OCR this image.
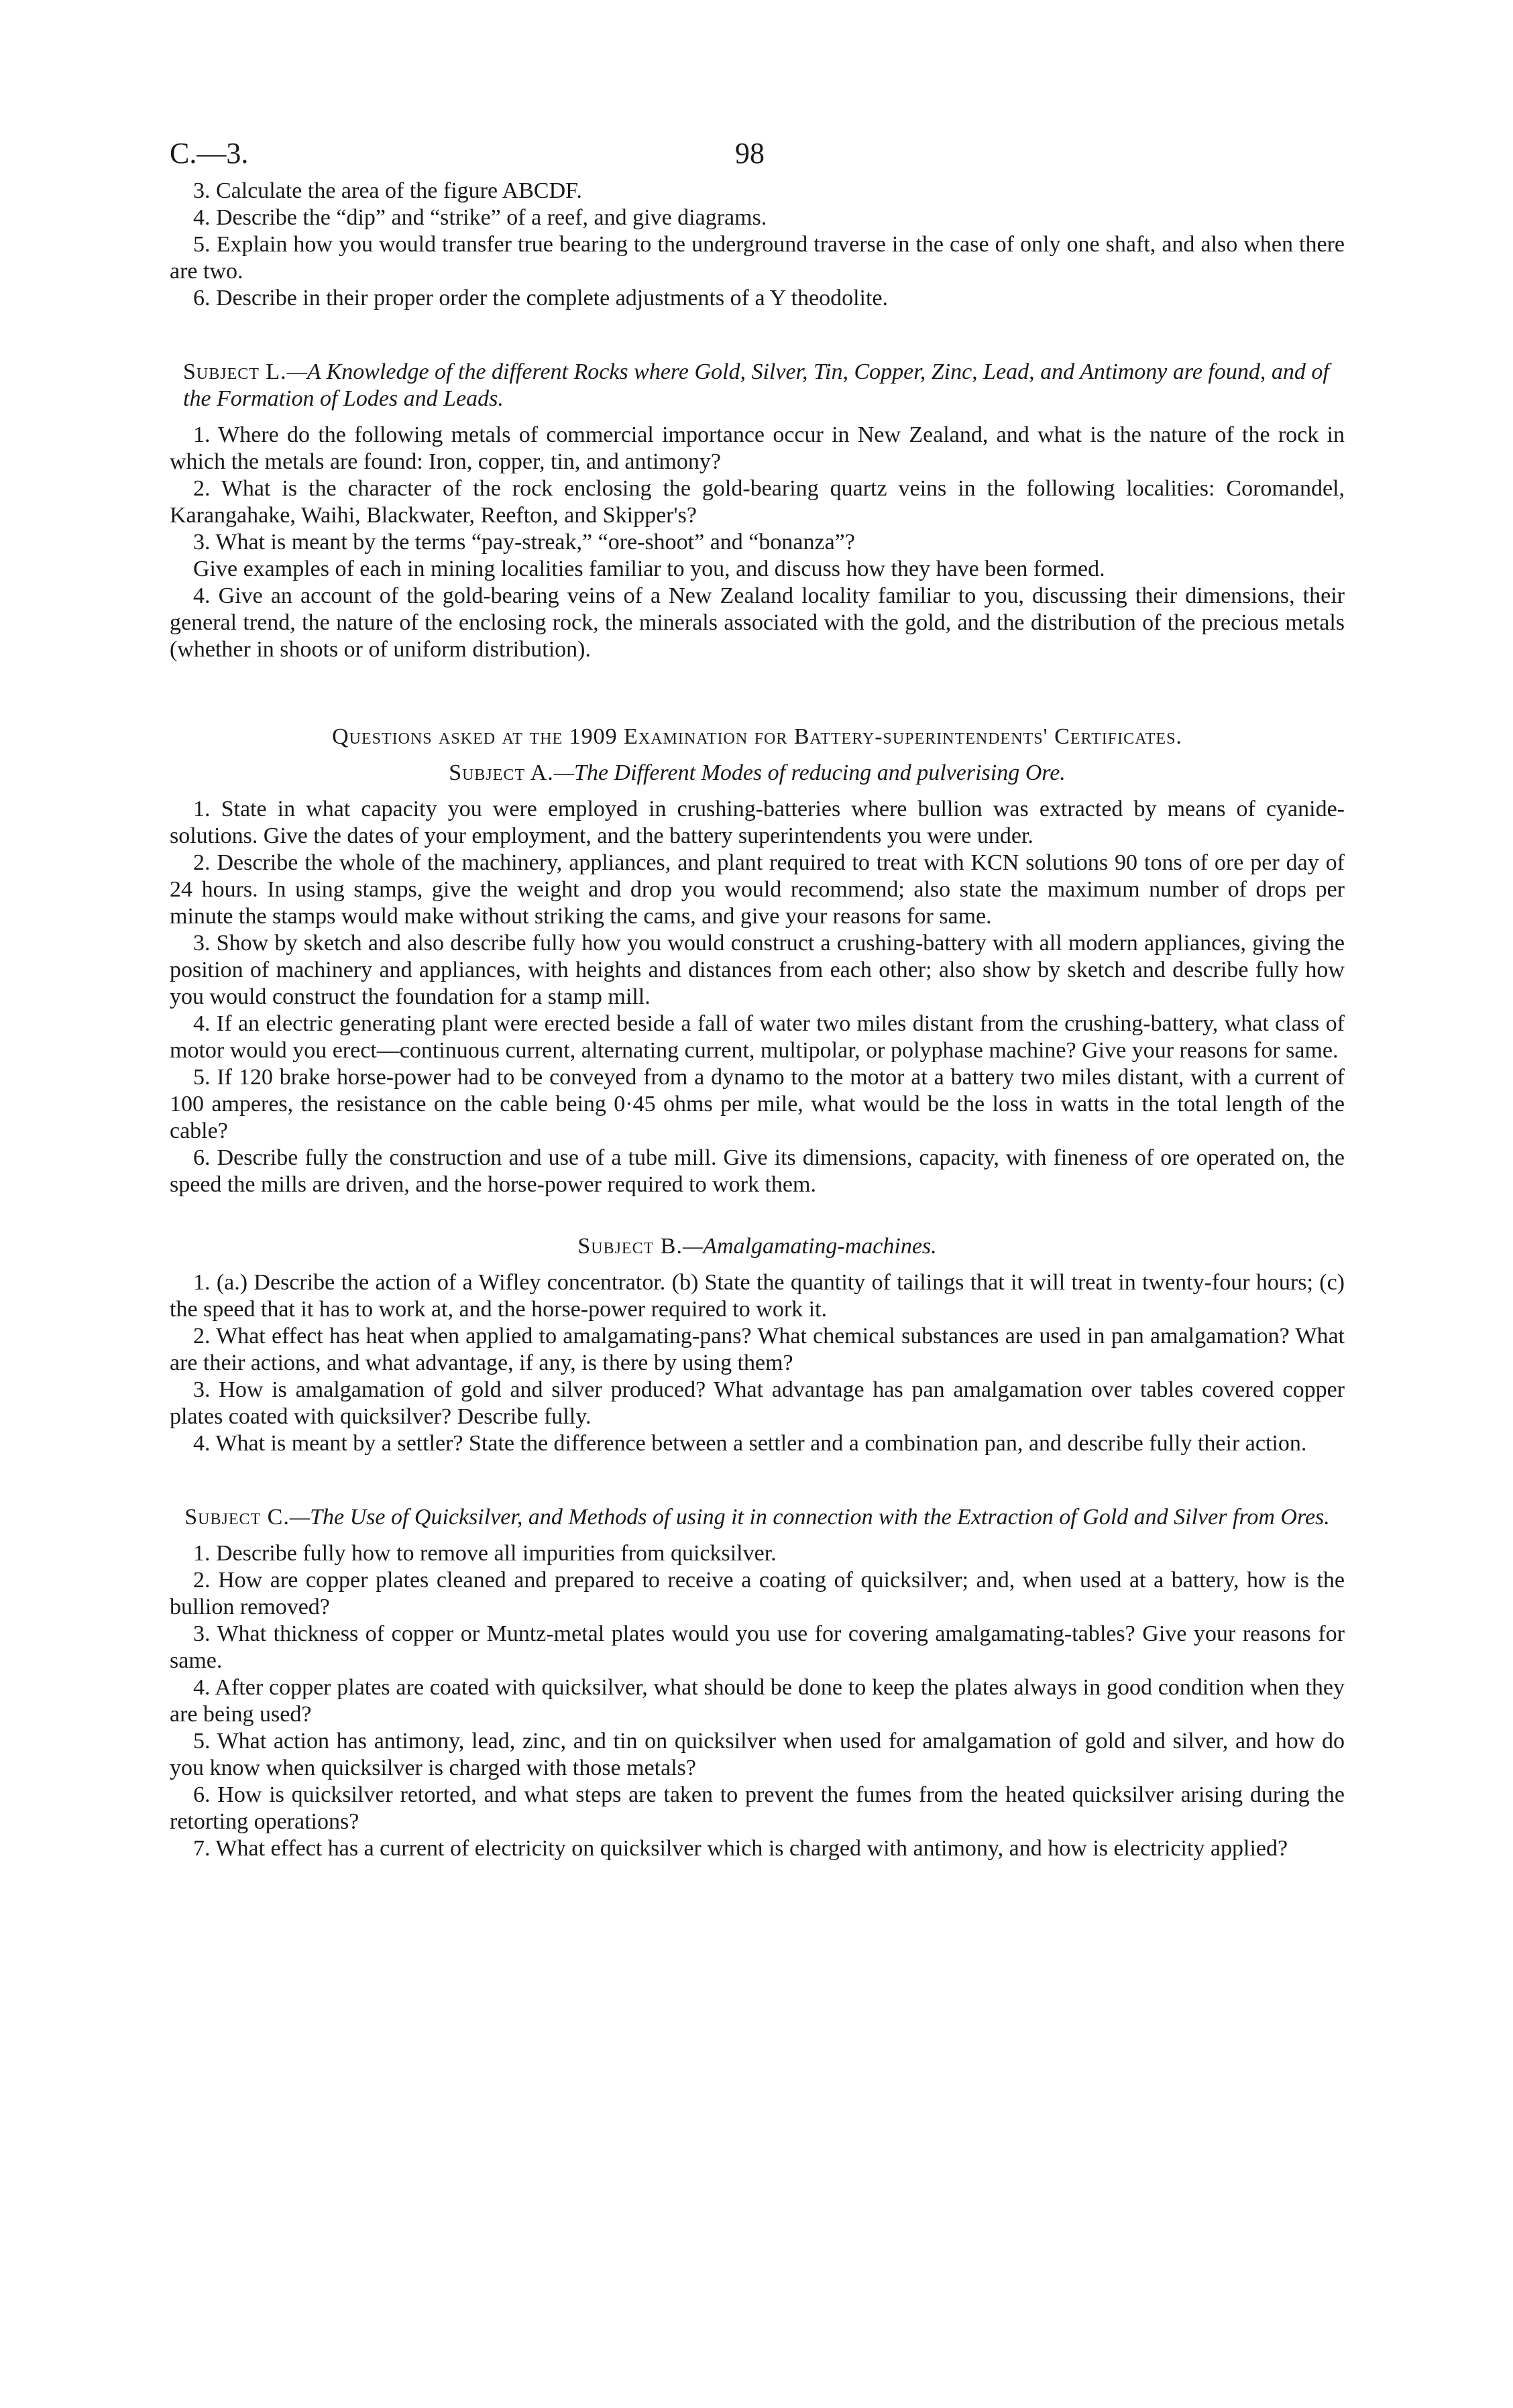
C.—3.	98

3. Calculate the area of the figure ABCDF.

4. Describe the “dip” and “strike” of a reef, and give diagrams.

5. Explain how you would transfer true bearing to the underground traverse in the case of only one shaft, and also when there are two.

6. Describe in their proper order the complete adjustments of a Y theodolite.

Subject L.—A Knowledge of the different Rocks where Gold, Silver, Tin, Copper, Zinc, Lead, and Antimony are found, and of the Formation of Lodes and Leads.

1. Where do the following metals of commercial importance occur in New Zealand, and what is the nature of the rock in which the metals are found: Iron, copper, tin, and antimony?

2. What is the character of the rock enclosing the gold-bearing quartz veins in the following localities: Coromandel, Karangahake, Waihi, Blackwater, Reefton, and Skipper's?

3. What is meant by the terms “pay-streak,” “ore-shoot” and “bonanza”?

Give examples of each in mining localities familiar to you, and discuss how they have been formed.

4. Give an account of the gold-bearing veins of a New Zealand locality familiar to you, discussing their dimensions, their general trend, the nature of the enclosing rock, the minerals associated with the gold, and the distribution of the precious metals (whether in shoots or of uniform distribution).

Questions asked at the 1909 Examination for Battery-superintendents' Certificates.
Subject A.—The Different Modes of reducing and pulverising Ore.

1. State in what capacity you were employed in crushing-batteries where bullion was extracted by means of cyanide-solutions. Give the dates of your employment, and the battery superintendents you were under.

2. Describe the whole of the machinery, appliances, and plant required to treat with KCN solutions 90 tons of ore per day of 24 hours. In using stamps, give the weight and drop you would recommend; also state the maximum number of drops per minute the stamps would make without striking the cams, and give your reasons for same.

3. Show by sketch and also describe fully how you would construct a crushing-battery with all modern appliances, giving the position of machinery and appliances, with heights and distances from each other; also show by sketch and describe fully how you would construct the foundation for a stamp mill.

4. If an electric generating plant were erected beside a fall of water two miles distant from the crushing-battery, what class of motor would you erect—continuous current, alternating current, multipolar, or polyphase machine? Give your reasons for same.

5. If 120 brake horse-power had to be conveyed from a dynamo to the motor at a battery two miles distant, with a current of 100 amperes, the resistance on the cable being 0·45 ohms per mile, what would be the loss in watts in the total length of the cable?

6. Describe fully the construction and use of a tube mill. Give its dimensions, capacity, with fineness of ore operated on, the speed the mills are driven, and the horse-power required to work them.

Subject B.—Amalgamating-machines.

1. (a.) Describe the action of a Wifley concentrator. (b) State the quantity of tailings that it will treat in twenty-four hours; (c) the speed that it has to work at, and the horse-power required to work it.

2. What effect has heat when applied to amalgamating-pans? What chemical substances are used in pan amalgamation? What are their actions, and what advantage, if any, is there by using them?

3. How is amalgamation of gold and silver produced? What advantage has pan amalgamation over tables covered copper plates coated with quicksilver? Describe fully.

4. What is meant by a settler? State the difference between a settler and a combination pan, and describe fully their action.

Subject C.—The Use of Quicksilver, and Methods of using it in connection with the Extraction of Gold and Silver from Ores.

1. Describe fully how to remove all impurities from quicksilver.

2. How are copper plates cleaned and prepared to receive a coating of quicksilver; and, when used at a battery, how is the bullion removed?

3. What thickness of copper or Muntz-metal plates would you use for covering amalgamating-tables? Give your reasons for same.

4. After copper plates are coated with quicksilver, what should be done to keep the plates always in good condition when they are being used?

5. What action has antimony, lead, zinc, and tin on quicksilver when used for amalgamation of gold and silver, and how do you know when quicksilver is charged with those metals?

6. How is quicksilver retorted, and what steps are taken to prevent the fumes from the heated quicksilver arising during the retorting operations?

7. What effect has a current of electricity on quicksilver which is charged with antimony, and how is electricity applied?
